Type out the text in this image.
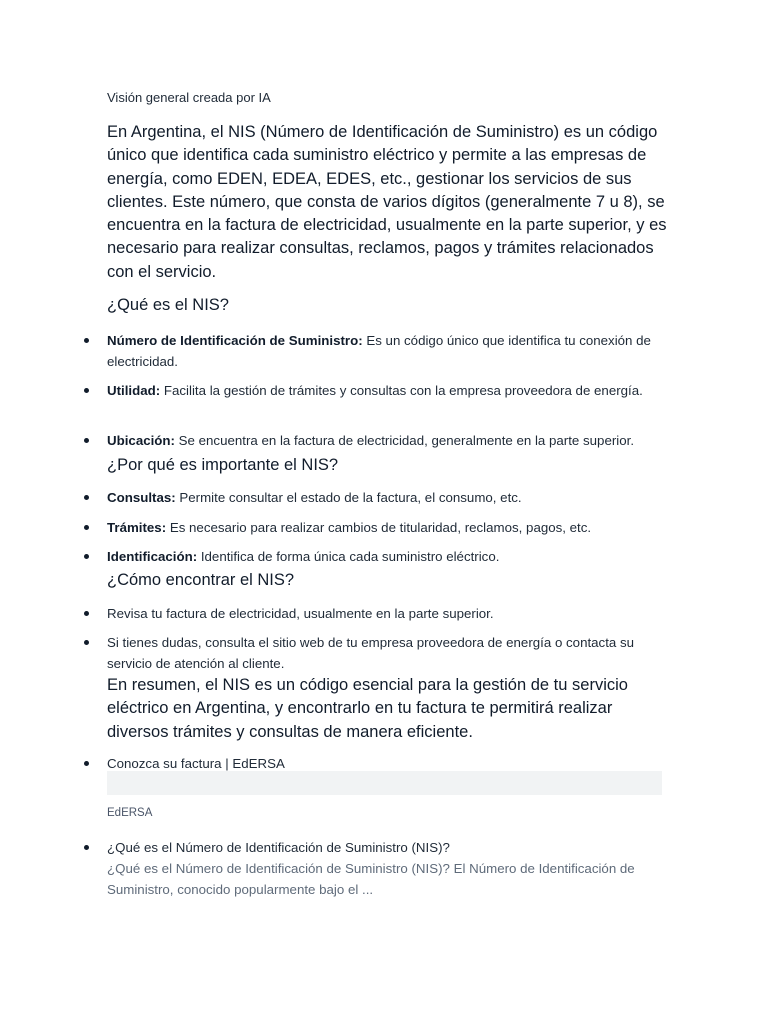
Visión general creada por IA
En Argentina, el NIS (Número de Identificación de Suministro) es un código único que identifica cada suministro eléctrico y permite a las empresas de energía, como EDEN, EDEA, EDES, etc., gestionar los servicios de sus clientes. Este número, que consta de varios dígitos (generalmente 7 u 8), se encuentra en la factura de electricidad, usualmente en la parte superior, y es necesario para realizar consultas, reclamos, pagos y trámites relacionados con el servicio.
¿Qué es el NIS?
Número de Identificación de Suministro: Es un código único que identifica tu conexión de electricidad.
Utilidad: Facilita la gestión de trámites y consultas con la empresa proveedora de energía.
Ubicación: Se encuentra en la factura de electricidad, generalmente en la parte superior.
¿Por qué es importante el NIS?
Consultas: Permite consultar el estado de la factura, el consumo, etc.
Trámites: Es necesario para realizar cambios de titularidad, reclamos, pagos, etc.
Identificación: Identifica de forma única cada suministro eléctrico.
¿Cómo encontrar el NIS?
Revisa tu factura de electricidad, usualmente en la parte superior.
Si tienes dudas, consulta el sitio web de tu empresa proveedora de energía o contacta su servicio de atención al cliente.
En resumen, el NIS es un código esencial para la gestión de tu servicio eléctrico en Argentina, y encontrarlo en tu factura te permitirá realizar diversos trámites y consultas de manera eficiente.
Conozca su factura | EdERSA
¿Qué es el Número de Identificación de Suministro (NIS)?
¿Qué es el Número de Identificación de Suministro (NIS)? El Número de Identificación de Suministro, conocido popularmente bajo el ...
EdERSA
